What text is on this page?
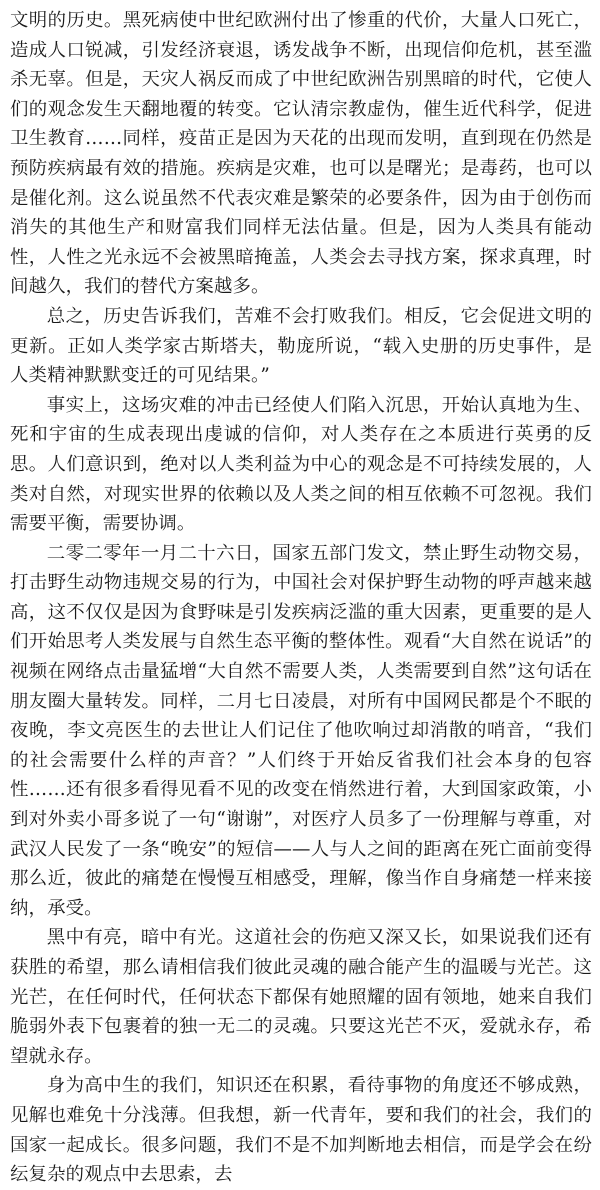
文明的历史。黑死病使中世纪欧洲付出了惨重的代价，大量人口死亡，造成人口锐减，引发经济衰退，诱发战争不断，出现信仰危机，甚至滥杀无辜。但是，天灾人祸反而成了中世纪欧洲告别黑暗的时代，它使人们的观念发生天翻地覆的转变。它认清宗教虚伪，催生近代科学，促进卫生教育……同样，疫苗正是因为天花的出现而发明，直到现在仍然是预防疾病最有效的措施。疾病是灾难，也可以是曙光；是毒药，也可以是催化剂。这么说虽然不代表灾难是繁荣的必要条件，因为由于创伤而消失的其他生产和财富我们同样无法估量。但是，因为人类具有能动性，人性之光永远不会被黑暗掩盖，人类会去寻找方案，探求真理，时间越久，我们的替代方案越多。

总之，历史告诉我们，苦难不会打败我们。相反，它会促进文明的更新。正如人类学家古斯塔夫，勒庞所说，“载入史册的历史事件，是人类精神默默变迁的可见结果。”

事实上，这场灾难的冲击已经使人们陷入沉思，开始认真地为生、死和宇宙的生成表现出虔诚的信仰，对人类存在之本质进行英勇的反思。人们意识到，绝对以人类利益为中心的观念是不可持续发展的，人类对自然，对现实世界的依赖以及人类之间的相互依赖不可忽视。我们需要平衡，需要协调。

二零二零年一月二十六日，国家五部门发文，禁止野生动物交易，打击野生动物违规交易的行为，中国社会对保护野生动物的呼声越来越高，这不仅仅是因为食野味是引发疾病泛滥的重大因素，更重要的是人们开始思考人类发展与自然生态平衡的整体性。观看“大自然在说话”的视频在网络点击量猛增“大自然不需要人类，人类需要到自然”这句话在朋友圈大量转发。同样，二月七日凌晨，对所有中国网民都是个不眠的夜晚，李文亮医生的去世让人们记住了他吹响过却消散的哨音，“我们的社会需要什么样的声音？”人们终于开始反省我们社会本身的包容性……还有很多看得见看不见的改变在悄然进行着，大到国家政策，小到对外卖小哥多说了一句“谢谢”，对医疗人员多了一份理解与尊重，对武汉人民发了一条“晚安”的短信——人与人之间的距离在死亡面前变得那么近，彼此的痛楚在慢慢互相感受，理解，像当作自身痛楚一样来接纳，承受。

黑中有亮，暗中有光。这道社会的伤疤又深又长，如果说我们还有获胜的希望，那么请相信我们彼此灵魂的融合能产生的温暖与光芒。这光芒，在任何时代，任何状态下都保有她照耀的固有领地，她来自我们脆弱外表下包裹着的独一无二的灵魂。只要这光芒不灭，爱就永存，希望就永存。

身为高中生的我们，知识还在积累，看待事物的角度还不够成熟，见解也难免十分浅薄。但我想，新一代青年，要和我们的社会，我们的国家一起成长。很多问题，我们不是不加判断地去相信，而是学会在纷纭复杂的观点中去思索，去
